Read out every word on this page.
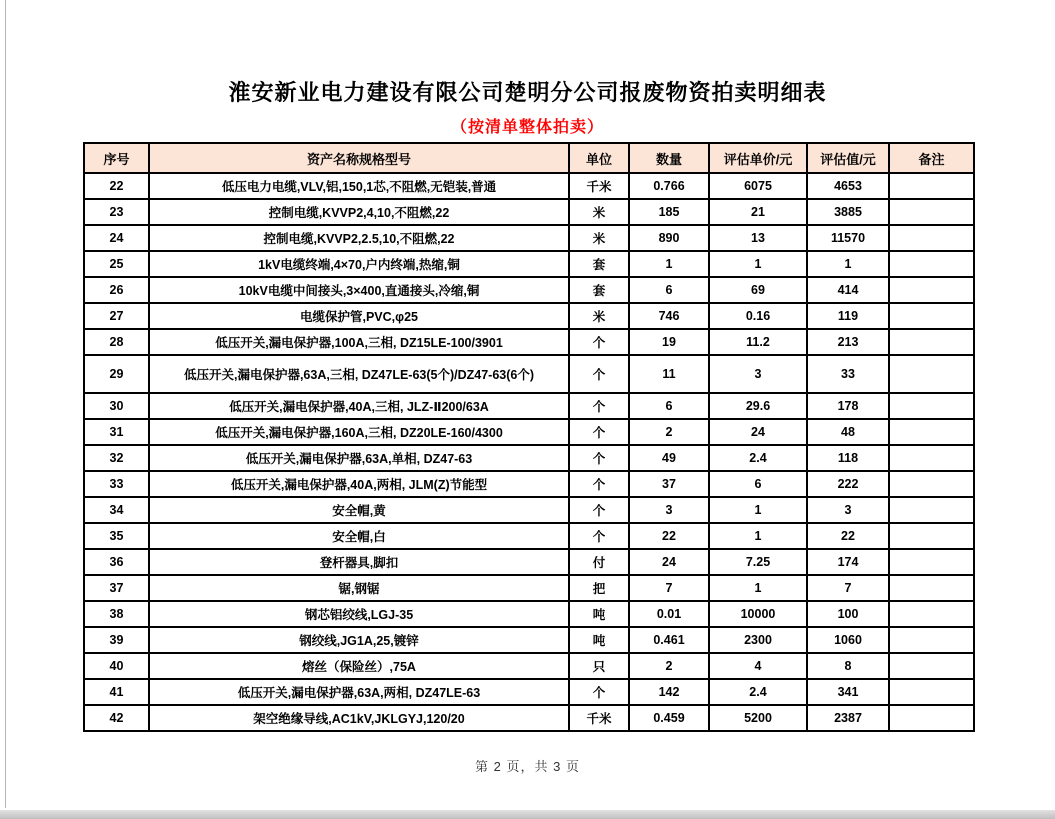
淮安新业电力建设有限公司楚明分公司报废物资拍卖明细表
（按清单整体拍卖）
序号	资产名称规格型号	单位	数量	评估单价/元	评估值/元	备注
22	低压电力电缆,VLV,铝,150,1芯,不阻燃,无铠装,普通	千米	0.766	6075	4653	
23	控制电缆,KVVP2,4,10,不阻燃,22	米	185	21	3885	
24	控制电缆,KVVP2,2.5,10,不阻燃,22	米	890	13	11570	
25	1kV电缆终端,4×70,户内终端,热缩,铜	套	1	1	1	
26	10kV电缆中间接头,3×400,直通接头,冷缩,铜	套	6	69	414	
27	电缆保护管,PVC,φ25	米	746	0.16	119	
28	低压开关,漏电保护器,100A,三相, DZ15LE-100/3901	个	19	11.2	213	
29	低压开关,漏电保护器,63A,三相, DZ47LE-63(5个)/DZ47-63(6个)	个	11	3	33	
30	低压开关,漏电保护器,40A,三相, JLZ-Ⅱ200/63A	个	6	29.6	178	
31	低压开关,漏电保护器,160A,三相, DZ20LE-160/4300	个	2	24	48	
32	低压开关,漏电保护器,63A,单相, DZ47-63	个	49	2.4	118	
33	低压开关,漏电保护器,40A,两相, JLM(Z)节能型	个	37	6	222	
34	安全帽,黄	个	3	1	3	
35	安全帽,白	个	22	1	22	
36	登杆器具,脚扣	付	24	7.25	174	
37	锯,钢锯	把	7	1	7	
38	钢芯铝绞线,LGJ-35	吨	0.01	10000	100	
39	钢绞线,JG1A,25,镀锌	吨	0.461	2300	1060	
40	熔丝（保险丝）,75A	只	2	4	8	
41	低压开关,漏电保护器,63A,两相, DZ47LE-63	个	142	2.4	341	
42	架空绝缘导线,AC1kV,JKLGYJ,120/20	千米	0.459	5200	2387	
第 2 页，共 3 页
